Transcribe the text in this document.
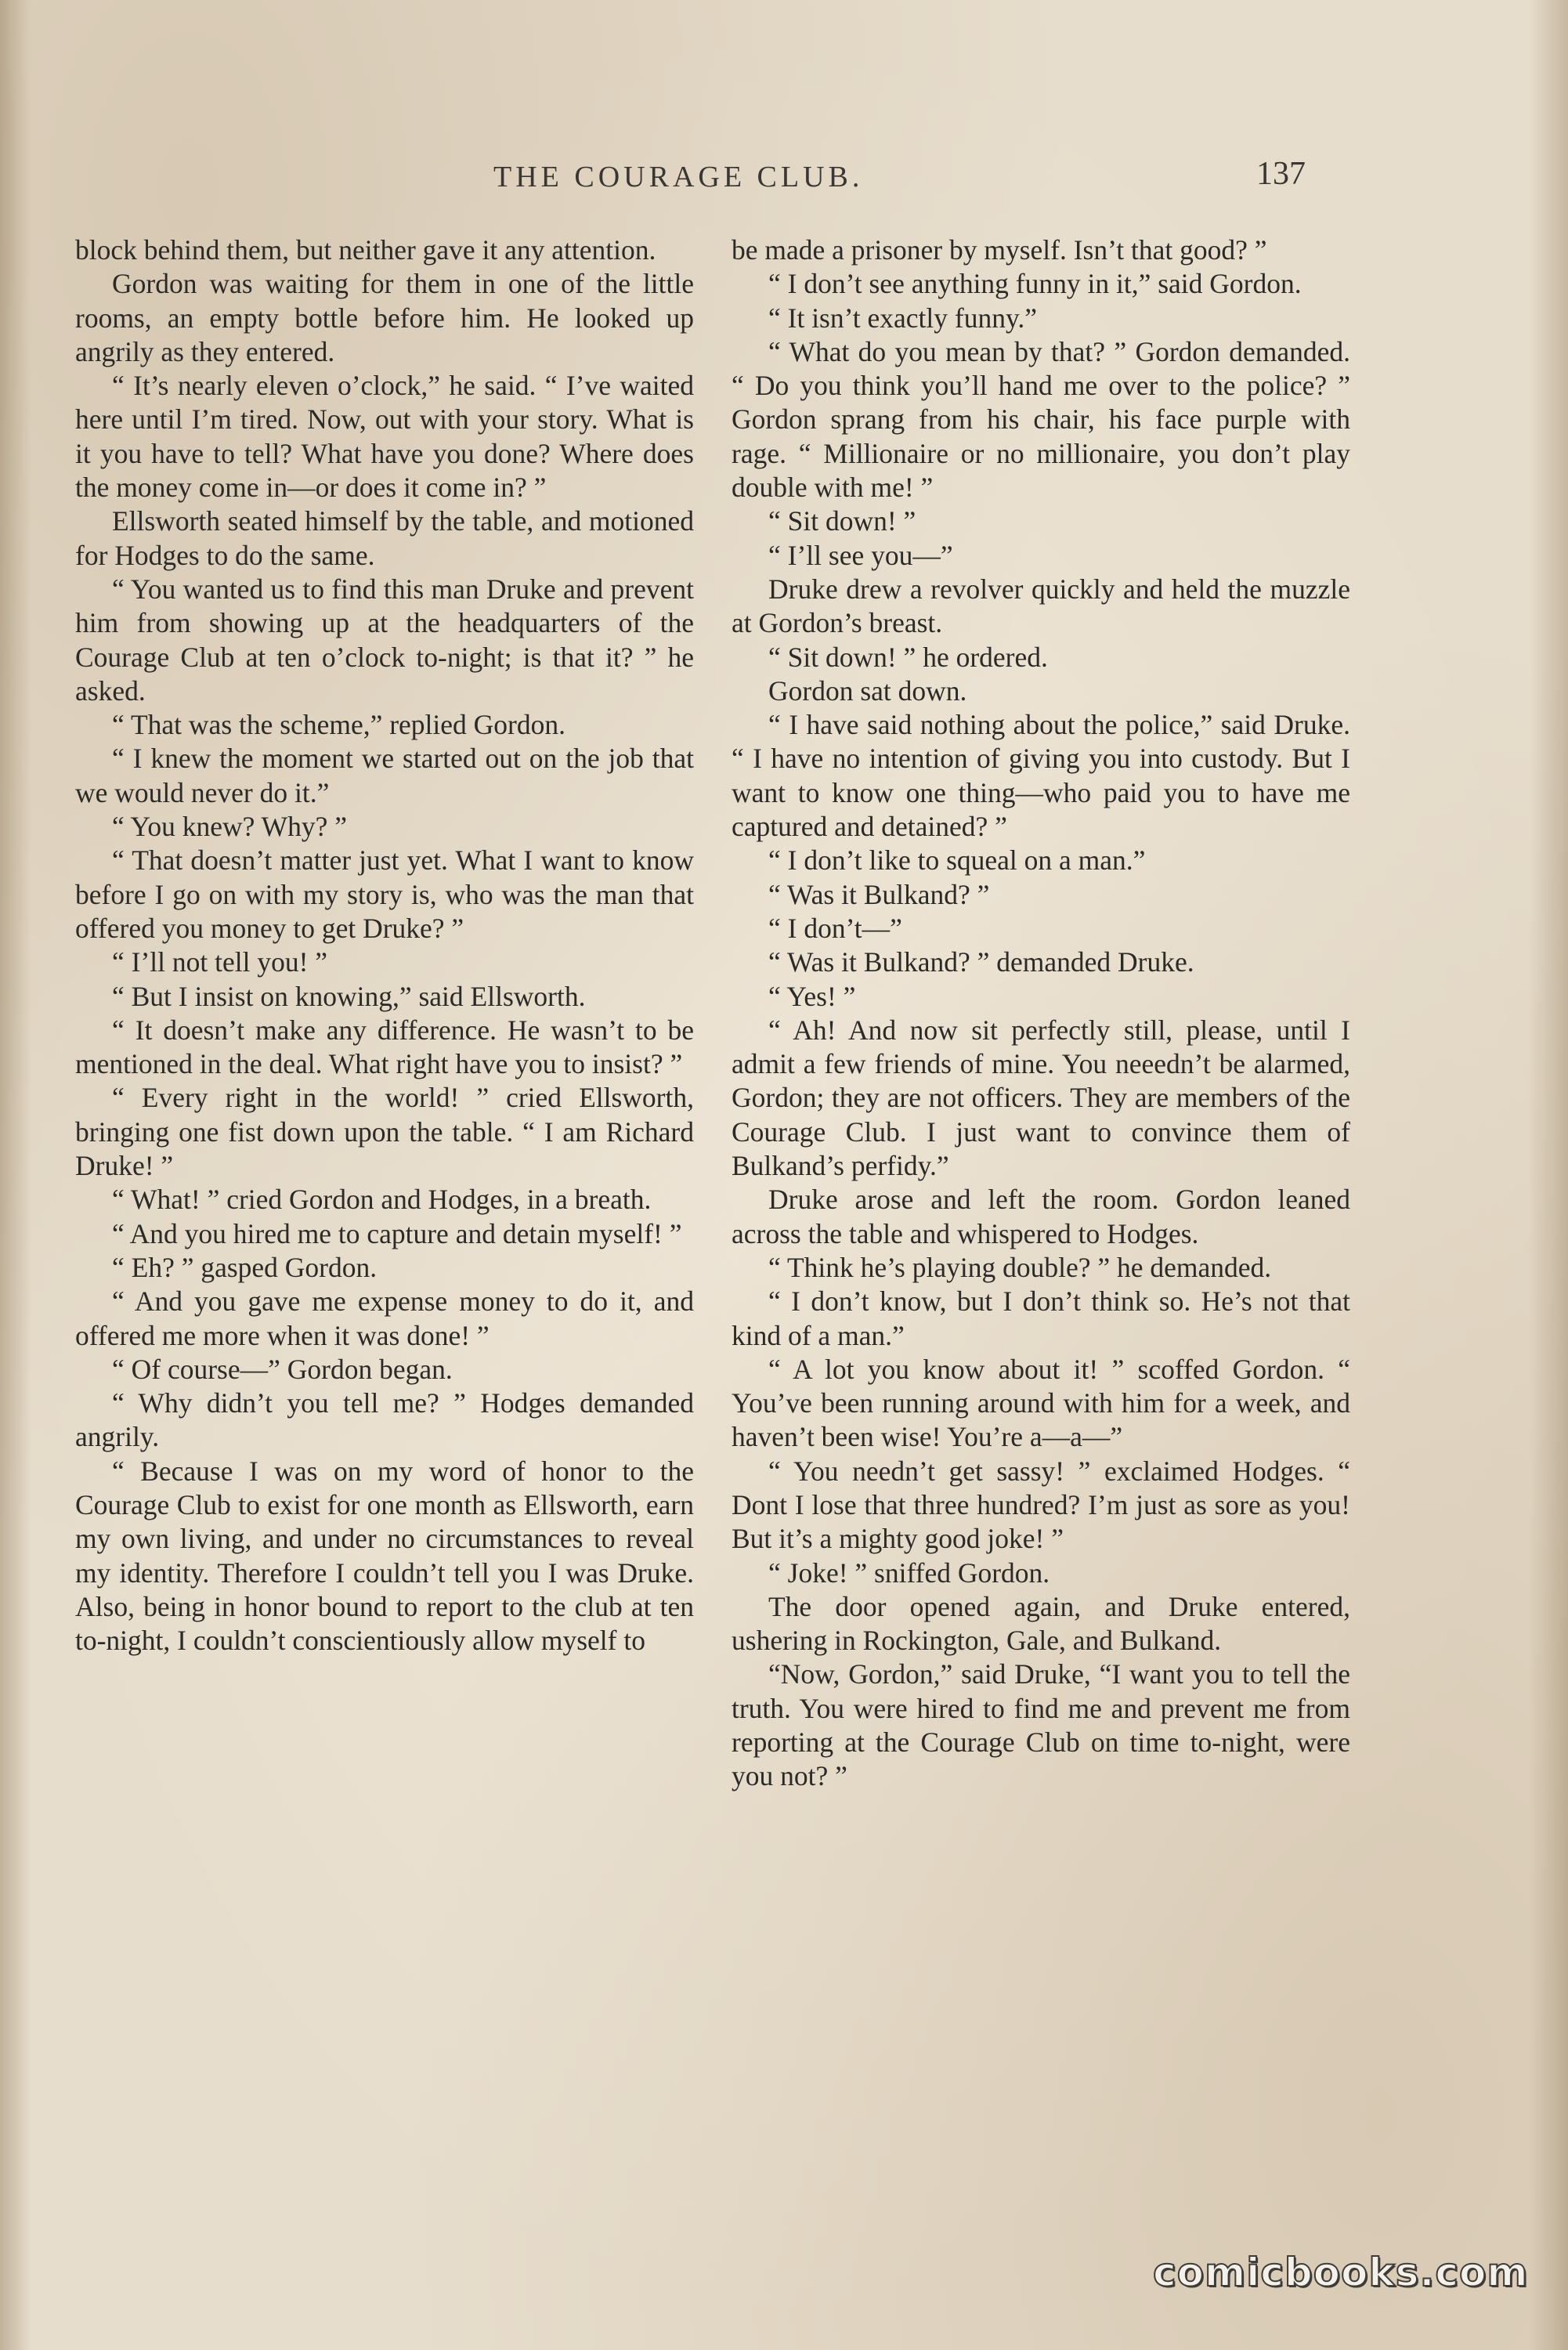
THE COURAGE CLUB.	137

block behind them, but neither gave it any attention.

Gordon was waiting for them in one of the little rooms, an empty bottle before him. He looked up angrily as they entered.

“ It’s nearly eleven o’clock,” he said. “ I’ve waited here until I’m tired. Now, out with your story. What is it you have to tell? What have you done? Where does the money come in—or does it come in? ”

Ellsworth seated himself by the table, and motioned for Hodges to do the same.

“ You wanted us to find this man Druke and prevent him from showing up at the headquarters of the Courage Club at ten o’clock to-night; is that it? ” he asked.

“ That was the scheme,” replied Gordon.

“ I knew the moment we started out on the job that we would never do it.”

“ You knew? Why? ”

“ That doesn’t matter just yet. What I want to know before I go on with my story is, who was the man that offered you money to get Druke? ”

“ I’ll not tell you! ”

“ But I insist on knowing,” said Ellsworth.

“ It doesn’t make any difference. He wasn’t to be mentioned in the deal. What right have you to insist? ”

“ Every right in the world! ” cried Ellsworth, bringing one fist down upon the table. “ I am Richard Druke! ”

“ What! ” cried Gordon and Hodges, in a breath.

“ And you hired me to capture and detain myself! ”

“ Eh? ” gasped Gordon.

“ And you gave me expense money to do it, and offered me more when it was done! ”

“ Of course—” Gordon began.

“ Why didn’t you tell me? ” Hodges demanded angrily.

“ Because I was on my word of honor to the Courage Club to exist for one month as Ellsworth, earn my own living, and under no circumstances to reveal my identity. Therefore I couldn’t tell you I was Druke. Also, being in honor bound to report to the club at ten to-night, I couldn’t conscientiously allow myself to

be made a prisoner by myself. Isn’t that good? ”

“ I don’t see anything funny in it,” said Gordon.

“ It isn’t exactly funny.”

“ What do you mean by that? ” Gordon demanded. “ Do you think you’ll hand me over to the police? ” Gordon sprang from his chair, his face purple with rage. “ Millionaire or no millionaire, you don’t play double with me! ”

“ Sit down! ”

“ I’ll see you—”

Druke drew a revolver quickly and held the muzzle at Gordon’s breast.

“ Sit down! ” he ordered.

Gordon sat down.

“ I have said nothing about the police,” said Druke. “ I have no intention of giving you into custody. But I want to know one thing—who paid you to have me captured and detained? ”

“ I don’t like to squeal on a man.”

“ Was it Bulkand? ”

“ I don’t—”

“ Was it Bulkand? ” demanded Druke.

“ Yes! ”

“ Ah! And now sit perfectly still, please, until I admit a few friends of mine. You neeedn’t be alarmed, Gordon; they are not officers. They are members of the Courage Club. I just want to convince them of Bulkand’s perfidy.”

Druke arose and left the room. Gordon leaned across the table and whispered to Hodges.

“ Think he’s playing double? ” he demanded.

“ I don’t know, but I don’t think so. He’s not that kind of a man.”

“ A lot you know about it! ” scoffed Gordon. “ You’ve been running around with him for a week, and haven’t been wise! You’re a—a—”

“ You needn’t get sassy! ” exclaimed Hodges. “ Dont I lose that three hundred? I’m just as sore as you! But it’s a mighty good joke! ”

“ Joke! ” sniffed Gordon.

The door opened again, and Druke entered, ushering in Rockington, Gale, and Bulkand.

“Now, Gordon,” said Druke, “I want you to tell the truth. You were hired to find me and prevent me from reporting at the Courage Club on time to-night, were you not? ”

comicbooks.com
